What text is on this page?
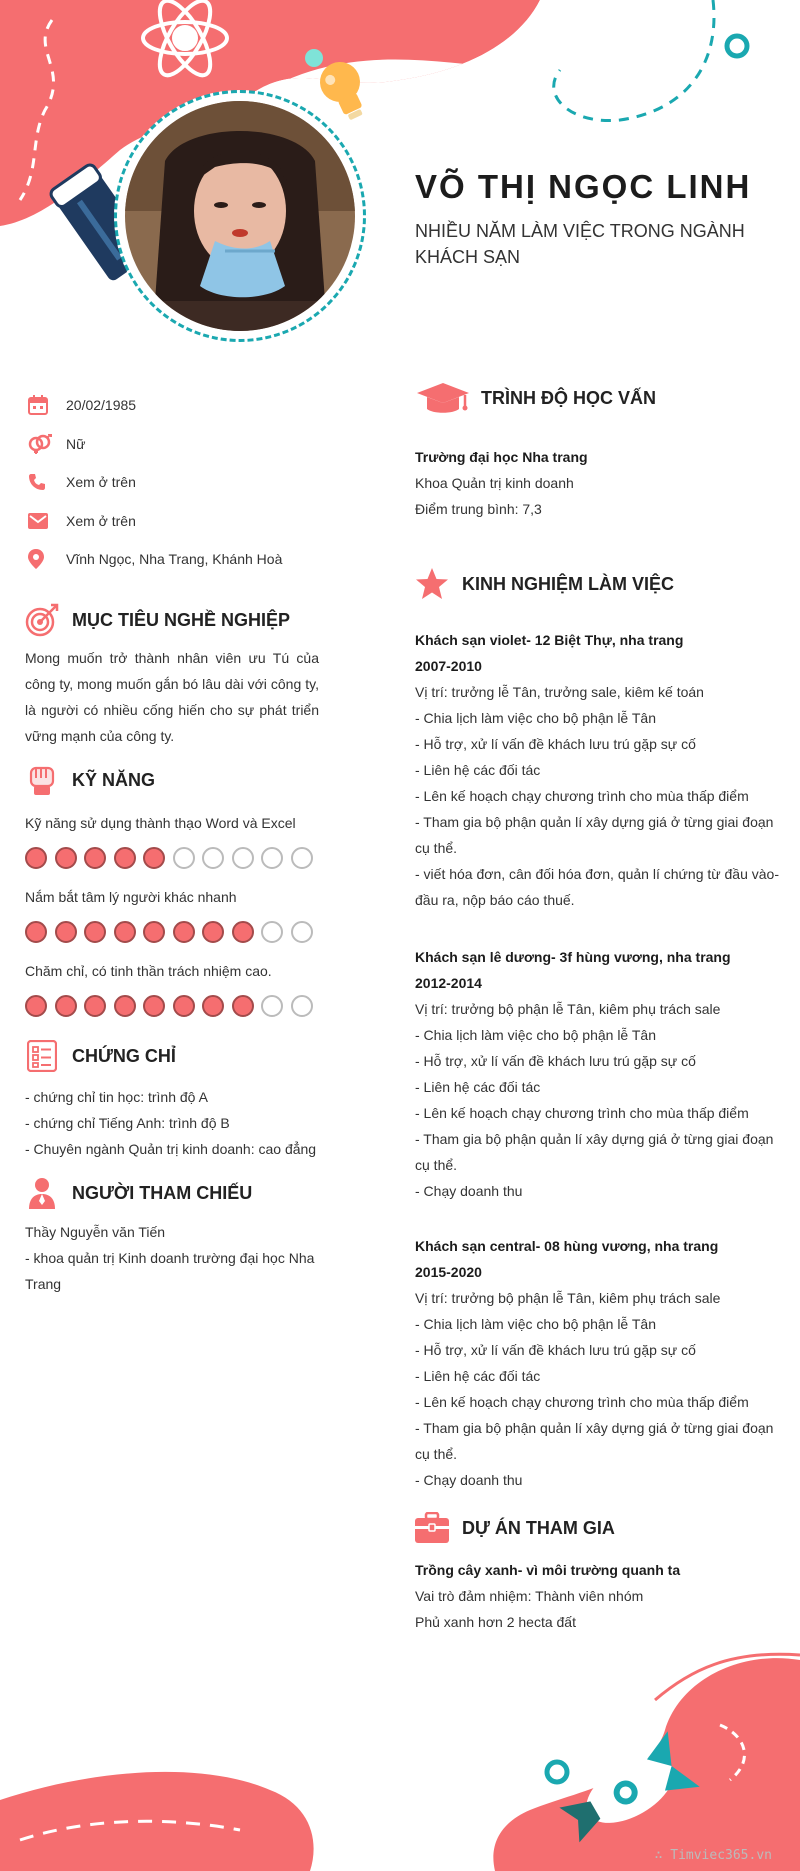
VÕ THỊ NGỌC LINH
NHIỀU NĂM LÀM VIỆC TRONG NGÀNH KHÁCH SẠN
20/02/1985
Nữ
Xem ở trên
Xem ở trên
Vĩnh Ngọc, Nha Trang, Khánh Hoà
MỤC TIÊU NGHỀ NGHIỆP
Mong muốn trở thành nhân viên ưu Tú của công ty, mong muốn gắn bó lâu dài với công ty, là người có nhiều cống hiến cho sự phát triển vững mạnh của công ty.
KỸ NĂNG
Kỹ năng sử dụng thành thạo Word và Excel
Nắm bắt tâm lý người khác nhanh
Chăm chỉ, có tinh thần trách nhiệm cao.
CHỨNG CHỈ
- chứng chỉ tin học: trình độ A
- chứng chỉ Tiếng Anh: trình độ B
- Chuyên ngành Quản trị kinh doanh: cao đẳng
NGƯỜI THAM CHIẾU
Thầy Nguyễn văn Tiến
- khoa quản trị Kinh doanh trường đại học Nha Trang
TRÌNH ĐỘ HỌC VẤN
Trường đại học Nha trang
Khoa Quản trị kinh doanh
Điểm trung bình: 7,3
KINH NGHIỆM LÀM VIỆC
Khách sạn violet- 12 Biệt Thự, nha trang
2007-2010
Vị trí: trưởng lễ Tân, trưởng sale, kiêm kế toán
- Chia lịch làm việc cho bộ phận lễ Tân
- Hỗ trợ, xử lí vấn đề khách lưu trú gặp sự cố
- Liên hệ các đối tác
- Lên kế hoạch chạy chương trình cho mùa thấp điểm
- Tham gia bộ phận quản lí xây dựng giá ở từng giai đoạn cụ thể.
- viết hóa đơn, cân đối hóa đơn, quản lí chứng từ đầu vào- đầu ra, nộp báo cáo thuế.
Khách sạn lê dương- 3f hùng vương, nha trang
2012-2014
Vị trí: trưởng bộ phận lễ Tân, kiêm phụ trách sale
- Chia lịch làm việc cho bộ phận lễ Tân
- Hỗ trợ, xử lí vấn đề khách lưu trú gặp sự cố
- Liên hệ các đối tác
- Lên kế hoạch chạy chương trình cho mùa thấp điểm
- Tham gia bộ phận quản lí xây dựng giá ở từng giai đoạn cụ thể.
- Chạy doanh thu
Khách sạn central- 08 hùng vương, nha trang
2015-2020
Vị trí: trưởng bộ phận lễ Tân, kiêm phụ trách sale
- Chia lịch làm việc cho bộ phận lễ Tân
- Hỗ trợ, xử lí vấn đề khách lưu trú gặp sự cố
- Liên hệ các đối tác
- Lên kế hoạch chạy chương trình cho mùa thấp điểm
- Tham gia bộ phận quản lí xây dựng giá ở từng giai đoạn cụ thể.
- Chạy doanh thu
DỰ ÁN THAM GIA
Trồng cây xanh- vì môi trường quanh ta
Vai trò đảm nhiệm: Thành viên nhóm
Phủ xanh hơn 2 hecta đất
∴ Timviec365.vn
